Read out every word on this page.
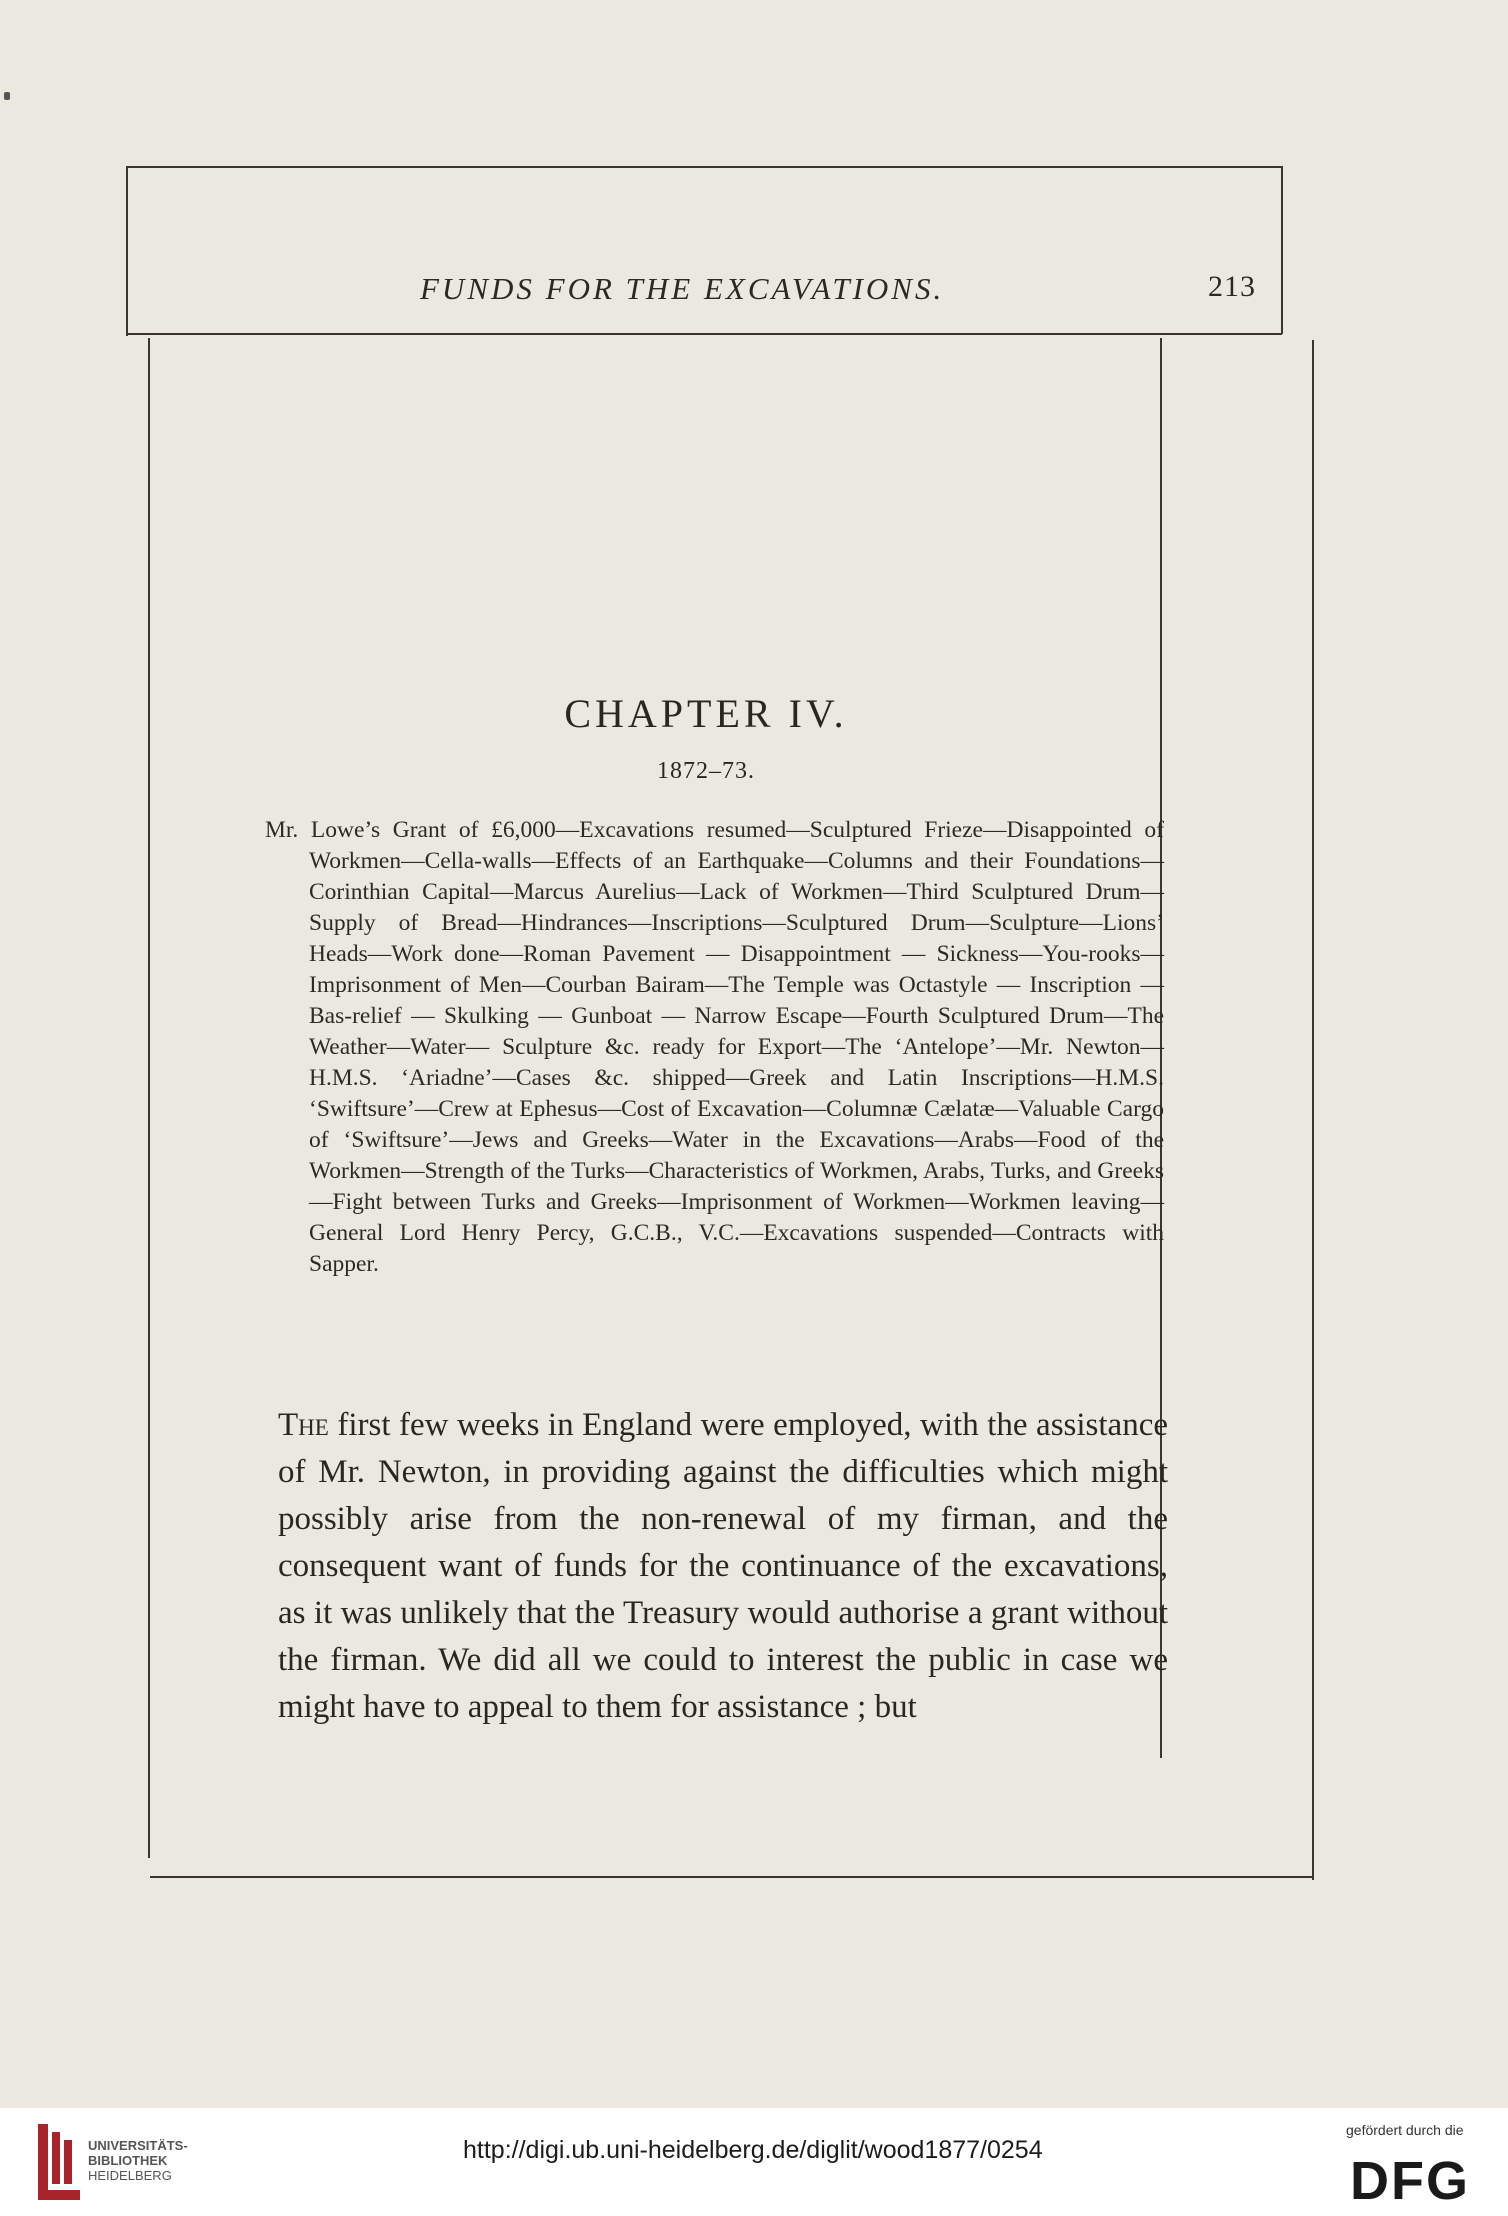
FUNDS FOR THE EXCAVATIONS.	213
CHAPTER IV.
1872–73.
Mr. Lowe’s Grant of £6,000—Excavations resumed—Sculptured Frieze—Disappointed of Workmen—Cella-walls—Effects of an Earthquake—Columns and their Foundations—Corinthian Capital—Marcus Aurelius—Lack of Workmen—Third Sculptured Drum—Supply of Bread—Hindrances—Inscriptions—Sculptured Drum—Sculpture—Lions’ Heads—Work done—Roman Pavement — Disappointment — Sickness—You-rooks—Imprisonment of Men—Courban Bairam—The Temple was Octastyle — Inscription — Bas-relief — Skulking — Gunboat — Narrow Escape—Fourth Sculptured Drum—The Weather—Water— Sculpture &c. ready for Export—The ‘Antelope’—Mr. Newton—H.M.S. ‘Ariadne’—Cases &c. shipped—Greek and Latin Inscriptions—H.M.S. ‘Swiftsure’—Crew at Ephesus—Cost of Excavation—Columnæ Cælatæ—Valuable Cargo of ‘Swiftsure’—Jews and Greeks—Water in the Excavations—Arabs—Food of the Workmen—Strength of the Turks—Characteristics of Workmen, Arabs, Turks, and Greeks—Fight between Turks and Greeks—Imprisonment of Workmen—Workmen leaving—General Lord Henry Percy, G.C.B., V.C.—Excavations suspended—Contracts with Sapper.
The first few weeks in England were employed, with the assistance of Mr. Newton, in providing against the difficulties which might possibly arise from the non-renewal of my firman, and the consequent want of funds for the continuance of the excavations, as it was unlikely that the Treasury would authorise a grant without the firman. We did all we could to interest the public in case we might have to appeal to them for assistance ; but
UNIVERSITÄTS-
BIBLIOTHEK
HEIDELBERG
http://digi.ub.uni-heidelberg.de/diglit/wood1877/0254
gefördert durch die
DFG
